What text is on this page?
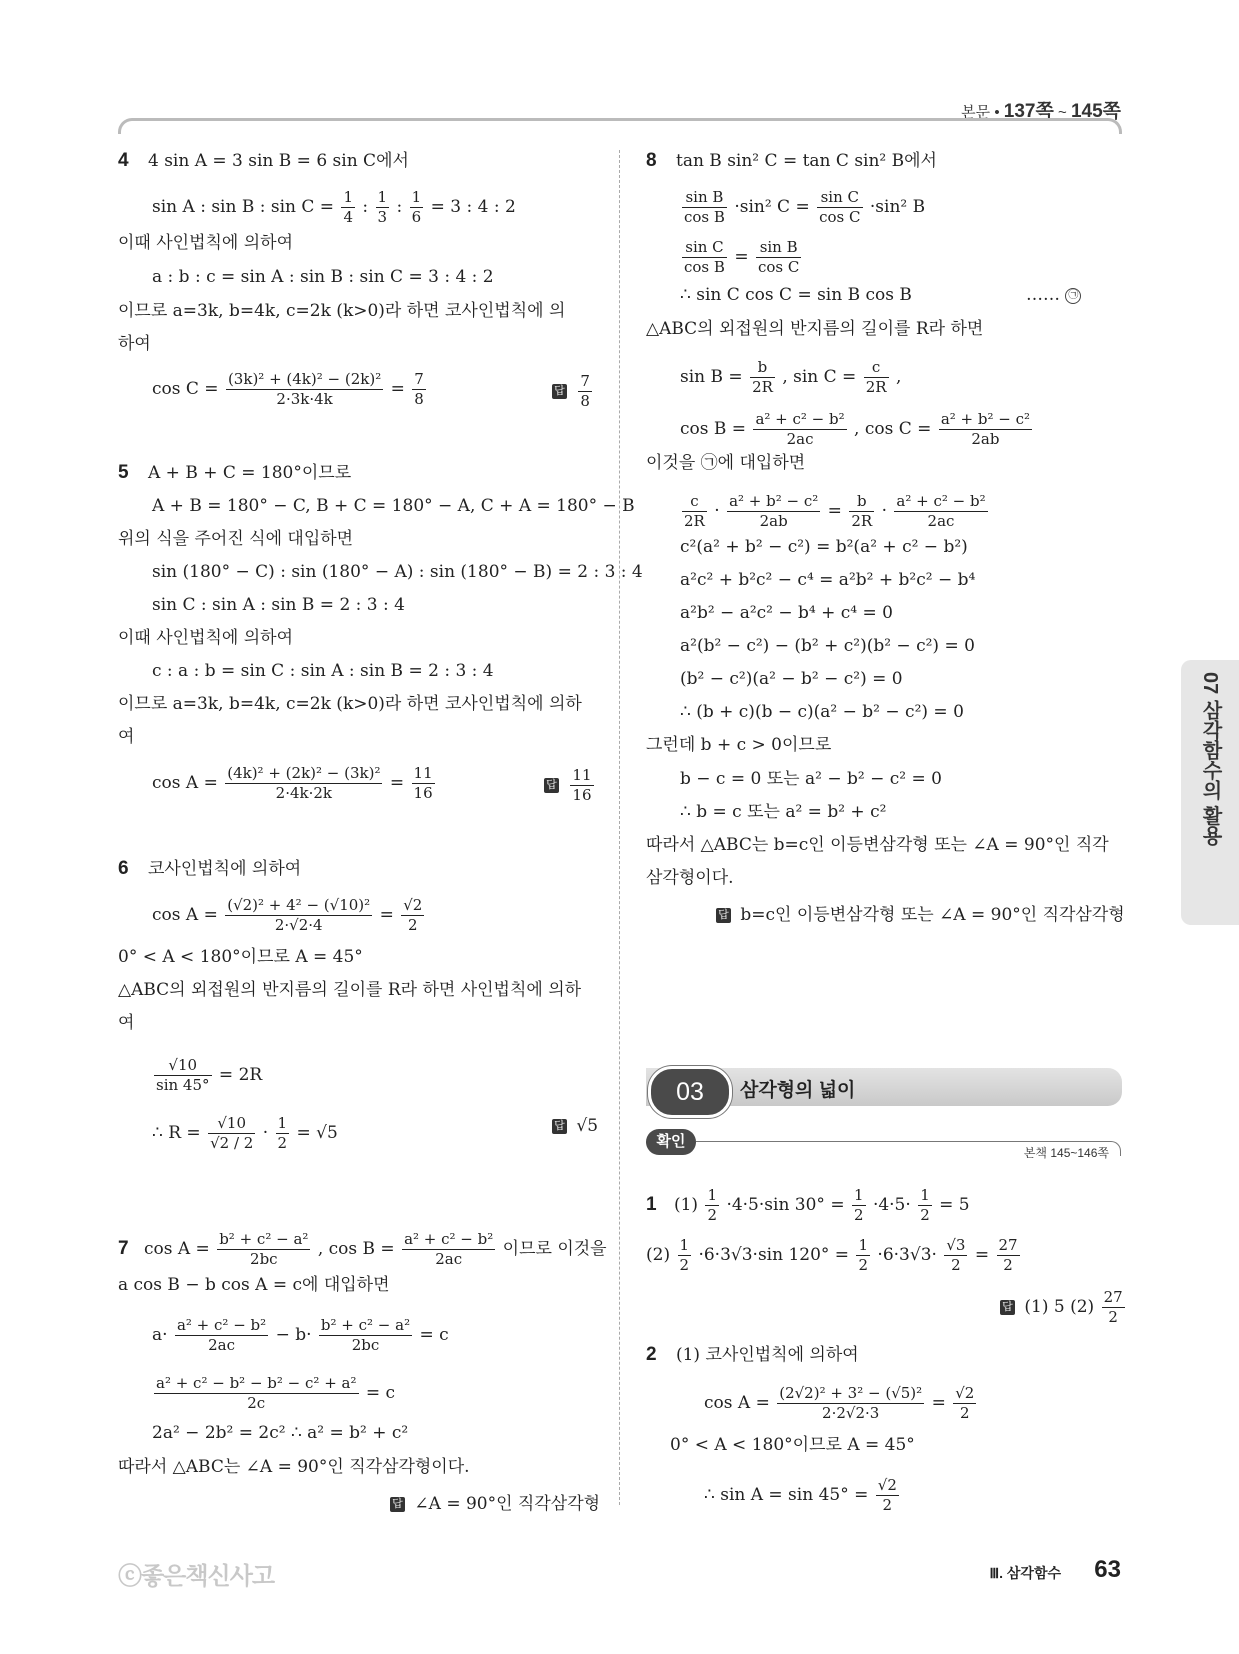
본문 • 137쪽 ~ 145쪽
07 삼각함수의 활용
4 4 sin A = 3 sin B = 6 sin C에서
sin A : sin B : $\sin C = \frac{1}{4}$ : $\frac{1}{3}$ : $\frac{1}{6} = 3$ : 4 : 2
이때 사인법칙에 의하여
a : b : c = sin A : sin B : sin C = 3 : 4 : 2
이므로 a=3k, b=4k, c=2k (k>0)라 하면 코사인법칙에 의
하여
$\cos C = \frac{\text{(3k)² + (4k)² − (2k)²}}{2\cdot 3k\cdot 4k} = \frac{7}{8}$	답 $\frac{7}{8}$
5 A + B + C = 180°이므로
A + B = 180° − C, B + C = 180° − A, C + A = 180° − B
위의 식을 주어진 식에 대입하면
sin (180° − C) : sin (180° − A) : sin (180° − B) = 2 : 3 : 4
sin C : sin A : sin B = 2 : 3 : 4
이때 사인법칙에 의하여
c : a : b = sin C : sin A : sin B = 2 : 3 : 4
이므로 a=3k, b=4k, c=2k (k>0)라 하면 코사인법칙에 의하
여
$\cos A = \frac{\text{(4k)² + (2k)² − (3k)²}}{2\cdot 4k\cdot 2k} = \frac{11}{16}$	답 $\frac{11}{16}$
6 코사인법칙에 의하여
$\cos A = \frac{\text{(√2)² + 4² − (√10)²}}{2\cdot√2\cdot 4} = \frac{√2}{2}$
0° < A < 180°이므로 A = 45°
△ABC의 외접원의 반지름의 길이를 R라 하면 사인법칙에 의하
여
$\frac{√10}{\sin 45^\circ} = 2R$
∴ $R = \frac{√10}{√2 / 2} \cdot \frac{1}{2} = √5$	답 √5
7 $\cos A = \frac{\text{b² + c² − a²}}{2bc}$ , $\cos B = \frac{\text{a² + c² − b²}}{2ac}$ 이므로 이것을
a cos B − b cos A = c에 대입하면
$a\cdot \frac{\text{a² + c² − b²}}{2ac} - b\cdot \frac{\text{b² + c² − a²}}{2bc} = c$
$\frac{\text{a² + c² − b² − b² − c² + a²}}{2c} = c$
2a² − 2b² = 2c² ∴ a² = b² + c²
따라서 △ABC는 ∠A = 90°인 직각삼각형이다.
답 ∠A = 90°인 직각삼각형
8 tan B sin² C = tan C sin² B에서
$\frac{\text{sin B}}{\text{cos B}} \cdot\sin^2$ $C = \frac{\text{sin C}}{\text{cos C}} \cdot\sin^2$ B
$\frac{\text{sin C}}{\text{cos B}} = \frac{\text{sin B}}{\text{cos C}}$
∴ sin C cos C = sin B cos B	…… ㉠
△ABC의 외접원의 반지름의 길이를 R라 하면
$\sin B = \frac{b}{2R}$ , $\sin C = \frac{c}{2R}$ ,
$\cos B = \frac{\text{a² + c² − b²}}{2ac}$ , $\cos C = \frac{\text{a² + b² − c²}}{2ab}$
이것을 ㉠에 대입하면
$\frac{c}{2R} \cdot \frac{\text{a² + b² − c²}}{2ab} = \frac{b}{2R} \cdot \frac{\text{a² + c² − b²}}{2ac}$
c²(a² + b² − c²) = b²(a² + c² − b²)
a²c² + b²c² − c⁴ = a²b² + b²c² − b⁴
a²b² − a²c² − b⁴ + c⁴ = 0
a²(b² − c²) − (b² + c²)(b² − c²) = 0
(b² − c²)(a² − b² − c²) = 0
∴ (b + c)(b − c)(a² − b² − c²) = 0
그런데 b + c > 0이므로
b − c = 0 또는 a² − b² − c² = 0
∴ b = c 또는 a² = b² + c²
따라서 △ABC는 b=c인 이등변삼각형 또는 ∠A = 90°인 직각
삼각형이다.
답 b=c인 이등변삼각형 또는 ∠A = 90°인 직각삼각형
03	삼각형의 넓이
확인
본책 145~146쪽
1 $(1) \frac{1}{2} \cdot 4\cdot 5\cdot\sin$ $30^\circ = \frac{1}{2} \cdot 4\cdot 5\cdot \frac{1}{2} = 5$
$(2) \frac{1}{2} \cdot 6\cdot 3√3\cdot\sin$ $120^\circ = \frac{1}{2} \cdot 6\cdot 3√3\cdot \frac{√3}{2} = \frac{27}{2}$
답 (1) 5 $(2) \frac{27}{2}$
2 (1) 코사인법칙에 의하여
$\cos A = \frac{\text{(2√2)² + 3² − (√5)²}}{2\cdot 2√2\cdot 3} = \frac{√2}{2}$
0° < A < 180°이므로 A = 45°
∴ $\sin A = \sin 45^\circ = \frac{√2}{2}$
ⓒ좋은책신사고	Ⅲ. 삼각함수 63
